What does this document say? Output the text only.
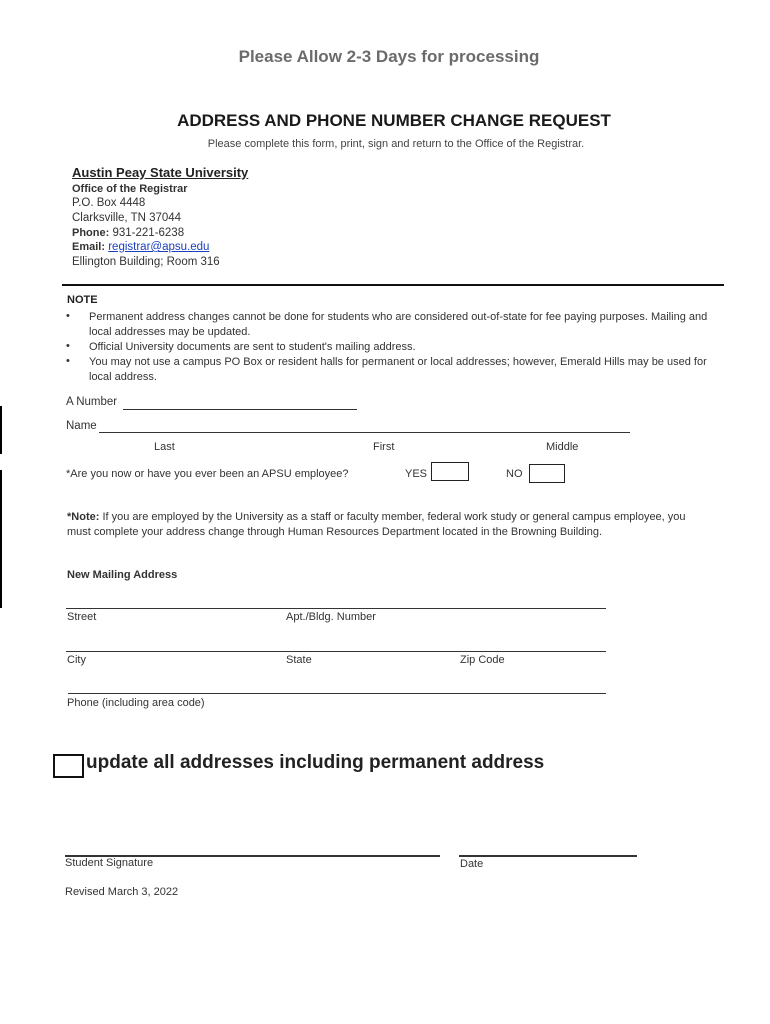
Please Allow 2-3 Days for processing
ADDRESS AND PHONE NUMBER CHANGE REQUEST
Please complete this form, print, sign and return to the Office of the Registrar.
Austin Peay State University
Office of the Registrar
P.O. Box 4448
Clarksville, TN 37044
Phone: 931-221-6238
Email: registrar@apsu.edu
Ellington Building; Room 316
NOTE
• Permanent address changes cannot be done for students who are considered out-of-state for fee paying purposes. Mailing and local addresses may be updated.
• Official University documents are sent to student's mailing address.
• You may not use a campus PO Box or resident halls for permanent or local addresses; however, Emerald Hills may be used for local address.
A Number
Name
Last	First	Middle
*Are you now or have you ever been an APSU employee?	YES	NO
*Note: If you are employed by the University as a staff or faculty member, federal work study or general campus employee, you must complete your address change through Human Resources Department located in the Browning Building.
New Mailing Address
Street	Apt./Bldg. Number
City	State	Zip Code
Phone (including area code)
update all addresses including permanent address
Student Signature	Date
Revised March 3, 2022
